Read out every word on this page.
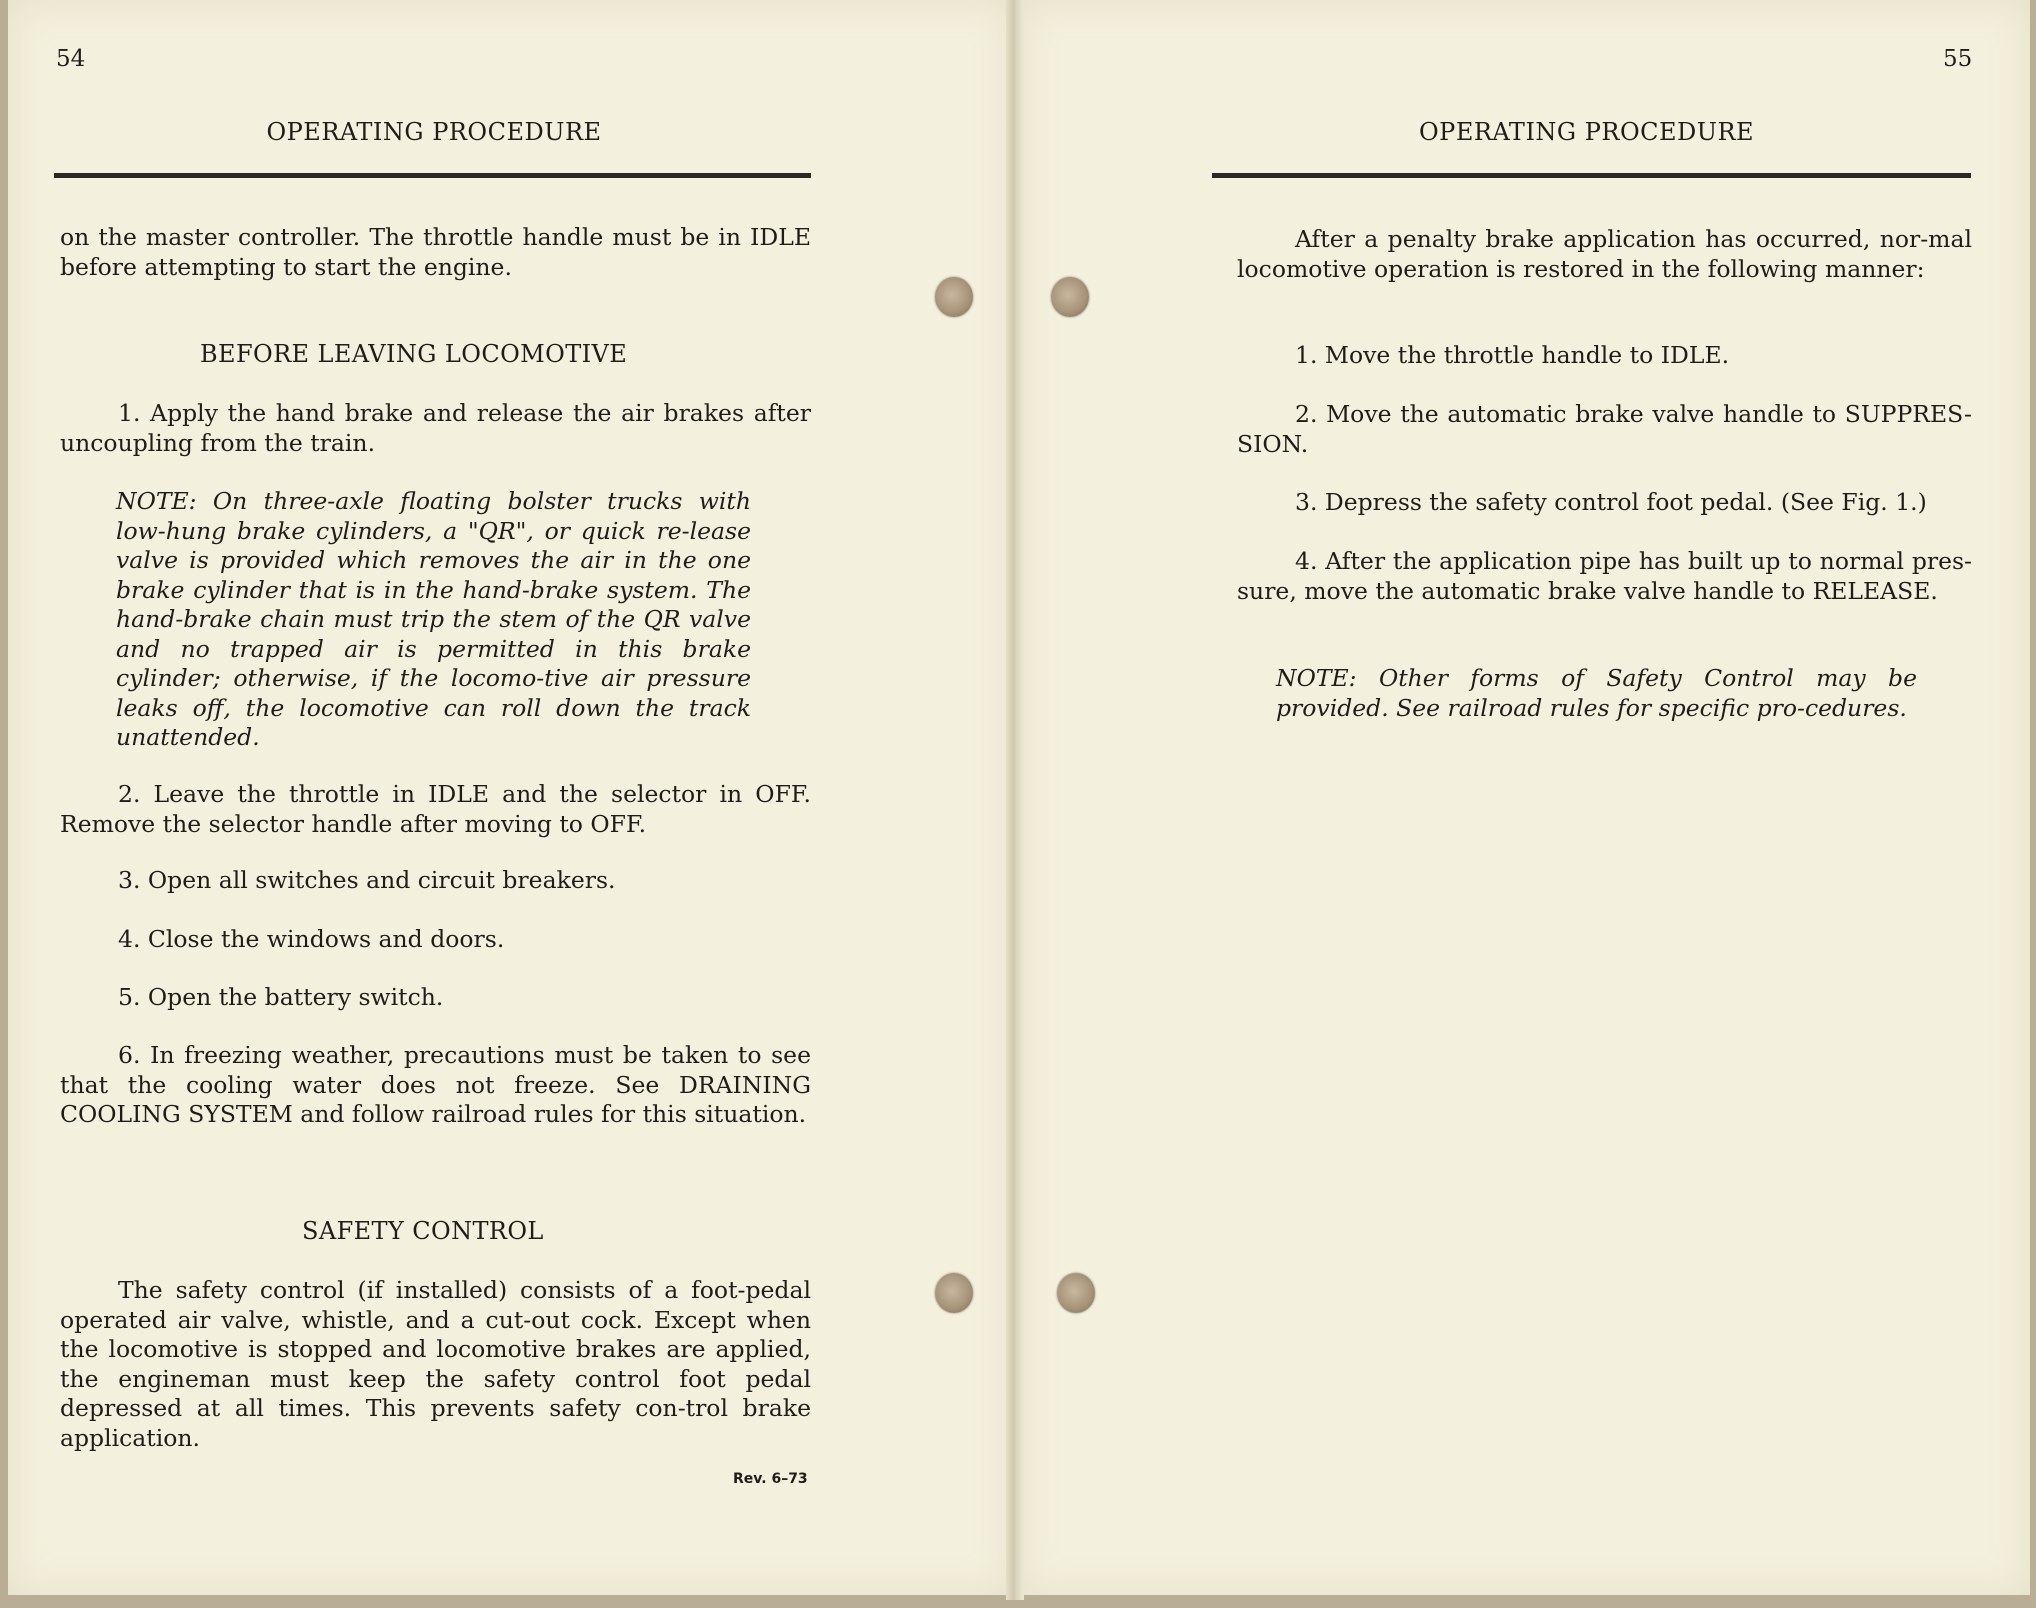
54
OPERATING PROCEDURE

on the master controller. The throttle handle must be in IDLE before attempting to start the engine.

BEFORE LEAVING LOCOMOTIVE

1. Apply the hand brake and release the air brakes after uncoupling from the train.

NOTE: On three-axle floating bolster trucks with low-hung brake cylinders, a "QR", or quick re-lease valve is provided which removes the air in the one brake cylinder that is in the hand-brake system. The hand-brake chain must trip the stem of the QR valve and no trapped air is permitted in this brake cylinder; otherwise, if the locomo-tive air pressure leaks off, the locomotive can roll down the track unattended.

2. Leave the throttle in IDLE and the selector in OFF. Remove the selector handle after moving to OFF.

3. Open all switches and circuit breakers.

4. Close the windows and doors.

5. Open the battery switch.

6. In freezing weather, precautions must be taken to see that the cooling water does not freeze. See DRAINING COOLING SYSTEM and follow railroad rules for this situation.

SAFETY CONTROL

The safety control (if installed) consists of a foot-pedal operated air valve, whistle, and a cut-out cock. Except when the locomotive is stopped and locomotive brakes are applied, the engineman must keep the safety control foot pedal depressed at all times. This prevents safety con-trol brake application.

Rev. 6–73
55
OPERATING PROCEDURE

After a penalty brake application has occurred, nor-mal locomotive operation is restored in the following manner:

1. Move the throttle handle to IDLE.

2. Move the automatic brake valve handle to SUPPRES-SION.

3. Depress the safety control foot pedal. (See Fig. 1.)

4. After the application pipe has built up to normal pres-sure, move the automatic brake valve handle to RELEASE.

NOTE: Other forms of Safety Control may be provided. See railroad rules for specific pro-cedures.
